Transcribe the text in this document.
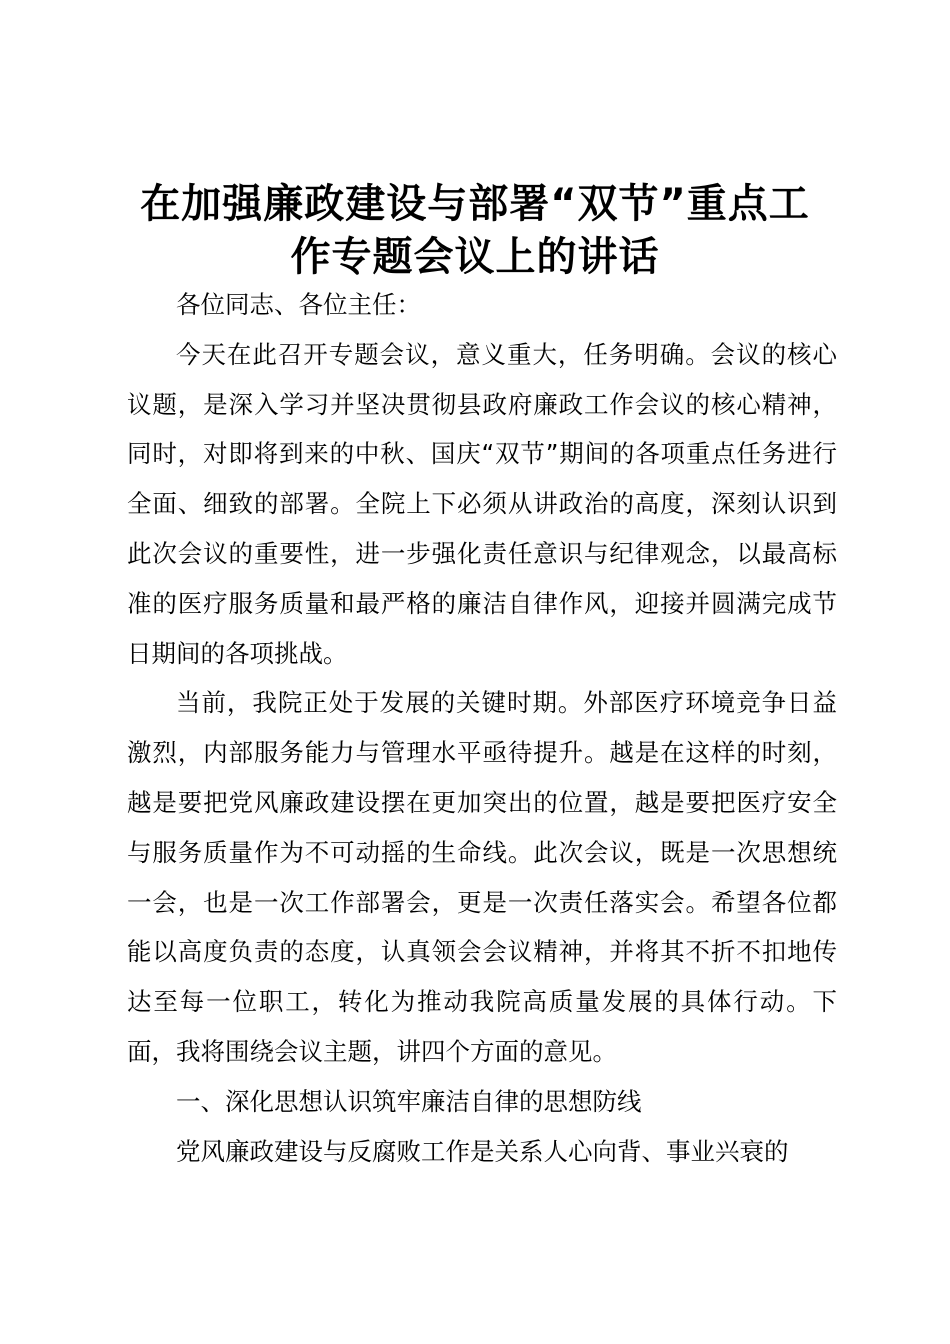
在加强廉政建设与部署“双节”重点工
作专题会议上的讲话

各位同志、各位主任：

今天在此召开专题会议，意义重大，任务明确。会议的核心议题，是深入学习并坚决贯彻县政府廉政工作会议的核心精神，同时，对即将到来的中秋、国庆“双节”期间的各项重点任务进行全面、细致的部署。全院上下必须从讲政治的高度，深刻认识到此次会议的重要性，进一步强化责任意识与纪律观念，以最高标准的医疗服务质量和最严格的廉洁自律作风，迎接并圆满完成节日期间的各项挑战。

当前，我院正处于发展的关键时期。外部医疗环境竞争日益激烈，内部服务能力与管理水平亟待提升。越是在这样的时刻，越是要把党风廉政建设摆在更加突出的位置，越是要把医疗安全与服务质量作为不可动摇的生命线。此次会议，既是一次思想统一会，也是一次工作部署会，更是一次责任落实会。希望各位都能以高度负责的态度，认真领会会议精神，并将其不折不扣地传达至每一位职工，转化为推动我院高质量发展的具体行动。下面，我将围绕会议主题，讲四个方面的意见。

一、深化思想认识筑牢廉洁自律的思想防线

党风廉政建设与反腐败工作是关系人心向背、事业兴衰的
